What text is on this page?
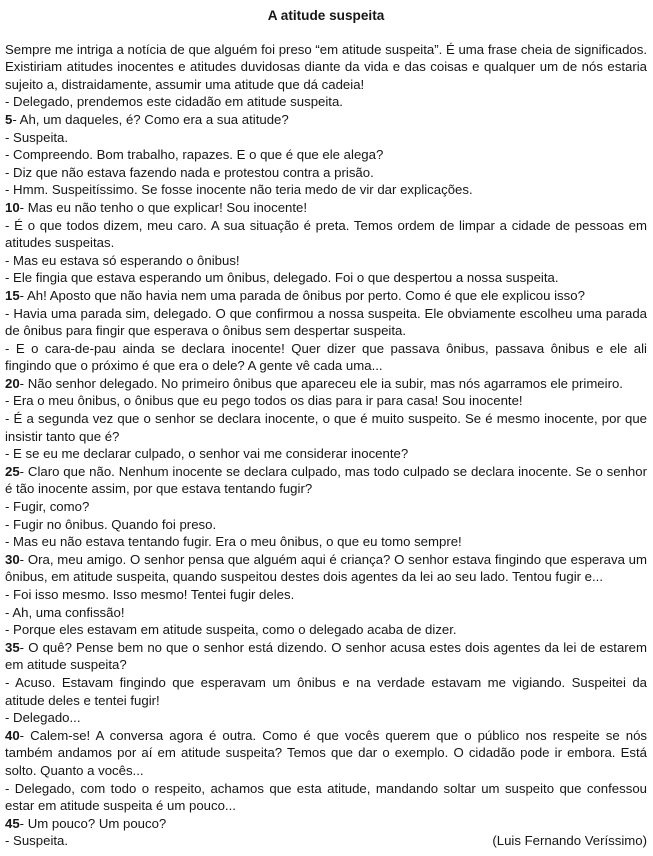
A atitude suspeita

Sempre me intriga a notícia de que alguém foi preso “em atitude suspeita”. É uma frase cheia de significados. Existiriam atitudes inocentes e atitudes duvidosas diante da vida e das coisas e qualquer um de nós estaria sujeito a, distraidamente, assumir uma atitude que dá cadeia!

- Delegado, prendemos este cidadão em atitude suspeita.

5- Ah, um daqueles, é? Como era a sua atitude?

- Suspeita.

- Compreendo. Bom trabalho, rapazes. E o que é que ele alega?

- Diz que não estava fazendo nada e protestou contra a prisão.

- Hmm. Suspeitíssimo. Se fosse inocente não teria medo de vir dar explicações.

10- Mas eu não tenho o que explicar! Sou inocente!

- É o que todos dizem, meu caro. A sua situação é preta. Temos ordem de limpar a cidade de pessoas em atitudes suspeitas.

- Mas eu estava só esperando o ônibus!

- Ele fingia que estava esperando um ônibus, delegado. Foi o que despertou a nossa suspeita.

15- Ah! Aposto que não havia nem uma parada de ônibus por perto. Como é que ele explicou isso?

- Havia uma parada sim, delegado. O que confirmou a nossa suspeita. Ele obviamente escolheu uma parada de ônibus para fingir que esperava o ônibus sem despertar suspeita.

- E o cara-de-pau ainda se declara inocente! Quer dizer que passava ônibus, passava ônibus e ele ali fingindo que o próximo é que era o dele? A gente vê cada uma...

20- Não senhor delegado. No primeiro ônibus que apareceu ele ia subir, mas nós agarramos ele primeiro.

- Era o meu ônibus, o ônibus que eu pego todos os dias para ir para casa! Sou inocente!

- É a segunda vez que o senhor se declara inocente, o que é muito suspeito. Se é mesmo inocente, por que insistir tanto que é?

- E se eu me declarar culpado, o senhor vai me considerar inocente?

25- Claro que não. Nenhum inocente se declara culpado, mas todo culpado se declara inocente. Se o senhor é tão inocente assim, por que estava tentando fugir?

- Fugir, como?

- Fugir no ônibus. Quando foi preso.

- Mas eu não estava tentando fugir. Era o meu ônibus, o que eu tomo sempre!

30- Ora, meu amigo. O senhor pensa que alguém aqui é criança? O senhor estava fingindo que esperava um ônibus, em atitude suspeita, quando suspeitou destes dois agentes da lei ao seu lado. Tentou fugir e...

- Foi isso mesmo. Isso mesmo! Tentei fugir deles.

- Ah, uma confissão!

- Porque eles estavam em atitude suspeita, como o delegado acaba de dizer.

35- O quê? Pense bem no que o senhor está dizendo. O senhor acusa estes dois agentes da lei de estarem em atitude suspeita?

- Acuso. Estavam fingindo que esperavam um ônibus e na verdade estavam me vigiando. Suspeitei da atitude deles e tentei fugir!

- Delegado...

40- Calem-se! A conversa agora é outra. Como é que vocês querem que o público nos respeite se nós também andamos por aí em atitude suspeita? Temos que dar o exemplo. O cidadão pode ir embora. Está solto. Quanto a vocês...

- Delegado, com todo o respeito, achamos que esta atitude, mandando soltar um suspeito que confessou estar em atitude suspeita é um pouco...

45- Um pouco? Um pouco?

- Suspeita.	(Luis Fernando Veríssimo)
